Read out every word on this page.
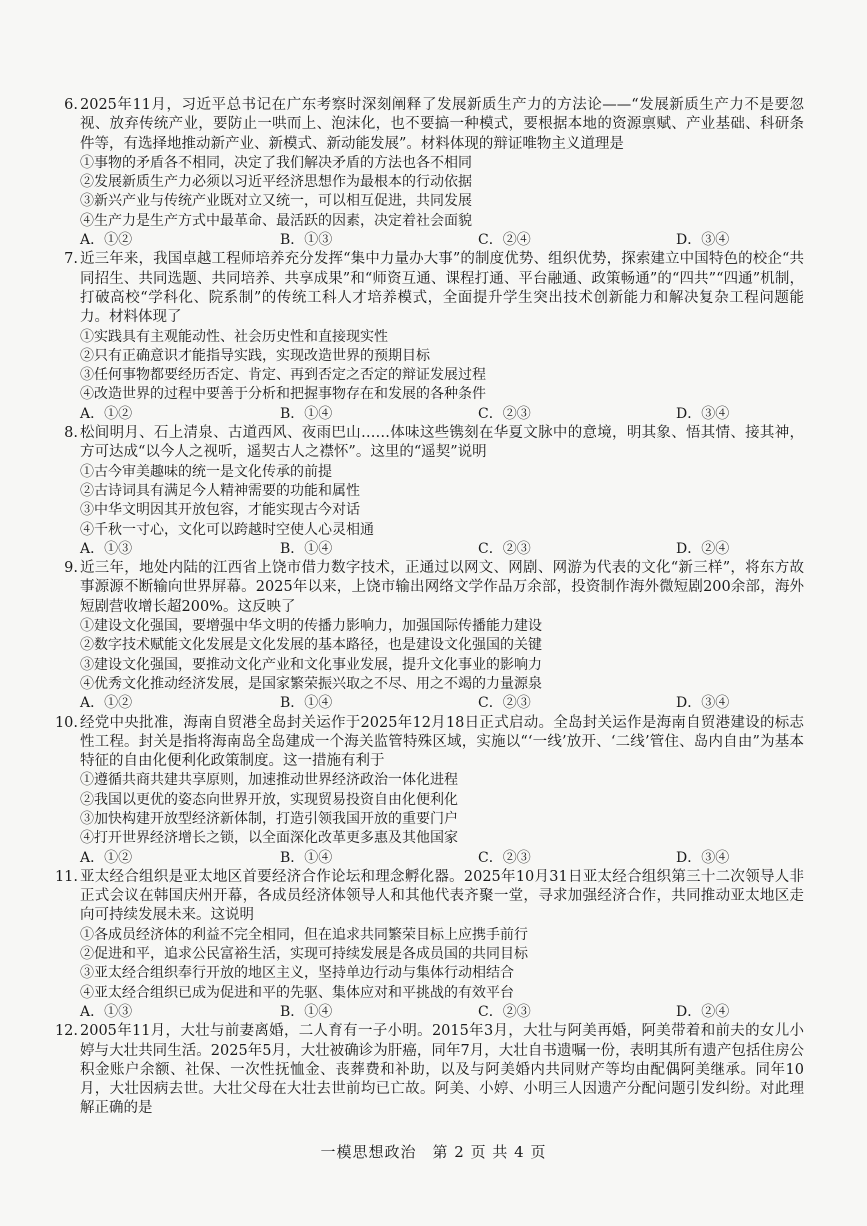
6. 2025年11月，习近平总书记在广东考察时深刻阐释了发展新质生产力的方法论——“发展新质生产力不是要忽视、放弃传统产业，要防止一哄而上、泡沫化，也不要搞一种模式，要根据本地的资源禀赋、产业基础、科研条件等，有选择地推动新产业、新模式、新动能发展”。材料体现的辩证唯物主义道理是
①事物的矛盾各不相同，决定了我们解决矛盾的方法也各不相同
②发展新质生产力必须以习近平经济思想作为最根本的行动依据
③新兴产业与传统产业既对立又统一，可以相互促进，共同发展
④生产力是生产方式中最革命、最活跃的因素，决定着社会面貌
A．①②	B．①③	C．②④	D．③④
7. 近三年来，我国卓越工程师培养充分发挥“集中力量办大事”的制度优势、组织优势，探索建立中国特色的校企“共同招生、共同选题、共同培养、共享成果”和“师资互通、课程打通、平台融通、政策畅通”的“四共”“四通”机制，打破高校“学科化、院系制”的传统工科人才培养模式，全面提升学生突出技术创新能力和解决复杂工程问题能力。材料体现了
①实践具有主观能动性、社会历史性和直接现实性
②只有正确意识才能指导实践，实现改造世界的预期目标
③任何事物都要经历否定、肯定、再到否定之否定的辩证发展过程
④改造世界的过程中要善于分析和把握事物存在和发展的各种条件
A．①②	B．①④	C．②③	D．③④
8. 松间明月、石上清泉、古道西风、夜雨巴山……体味这些镌刻在华夏文脉中的意境，明其象、悟其情、接其神，方可达成“以今人之视听，遥契古人之襟怀”。这里的“遥契”说明
①古今审美趣味的统一是文化传承的前提
②古诗词具有满足今人精神需要的功能和属性
③中华文明因其开放包容，才能实现古今对话
④千秋一寸心，文化可以跨越时空使人心灵相通
A．①③	B．①④	C．②③	D．②④
9. 近三年，地处内陆的江西省上饶市借力数字技术，正通过以网文、网剧、网游为代表的文化“新三样”，将东方故事源源不断输向世界屏幕。2025年以来，上饶市输出网络文学作品万余部，投资制作海外微短剧200余部，海外短剧营收增长超200%。这反映了
①建设文化强国，要增强中华文明的传播力影响力，加强国际传播能力建设
②数字技术赋能文化发展是文化发展的基本路径，也是建设文化强国的关键
③建设文化强国，要推动文化产业和文化事业发展，提升文化事业的影响力
④优秀文化推动经济发展，是国家繁荣振兴取之不尽、用之不竭的力量源泉
A．①②	B．①④	C．②③	D．③④
10. 经党中央批准，海南自贸港全岛封关运作于2025年12月18日正式启动。全岛封关运作是海南自贸港建设的标志性工程。封关是指将海南岛全岛建成一个海关监管特殊区域，实施以“‘一线’放开、‘二线’管住、岛内自由”为基本特征的自由化便利化政策制度。这一措施有利于
①遵循共商共建共享原则，加速推动世界经济政治一体化进程
②我国以更优的姿态向世界开放，实现贸易投资自由化便利化
③加快构建开放型经济新体制，打造引领我国开放的重要门户
④打开世界经济增长之锁，以全面深化改革更多惠及其他国家
A．①②	B．①④	C．②③	D．③④
11. 亚太经合组织是亚太地区首要经济合作论坛和理念孵化器。2025年10月31日亚太经合组织第三十二次领导人非正式会议在韩国庆州开幕，各成员经济体领导人和其他代表齐聚一堂，寻求加强经济合作，共同推动亚太地区走向可持续发展未来。这说明
①各成员经济体的利益不完全相同，但在追求共同繁荣目标上应携手前行
②促进和平，追求公民富裕生活，实现可持续发展是各成员国的共同目标
③亚太经合组织奉行开放的地区主义，坚持单边行动与集体行动相结合
④亚太经合组织已成为促进和平的先驱、集体应对和平挑战的有效平台
A．①③	B．①④	C．②③	D．②④
12. 2005年11月，大壮与前妻离婚，二人育有一子小明。2015年3月，大壮与阿美再婚，阿美带着和前夫的女儿小婷与大壮共同生活。2025年5月，大壮被确诊为肝癌，同年7月，大壮自书遗嘱一份，表明其所有遗产包括住房公积金账户余额、社保、一次性抚恤金、丧葬费和补助，以及与阿美婚内共同财产等均由配偶阿美继承。同年10月，大壮因病去世。大壮父母在大壮去世前均已亡故。阿美、小婷、小明三人因遗产分配问题引发纠纷。对此理解正确的是
一模思想政治　第 2 页 共 4 页
